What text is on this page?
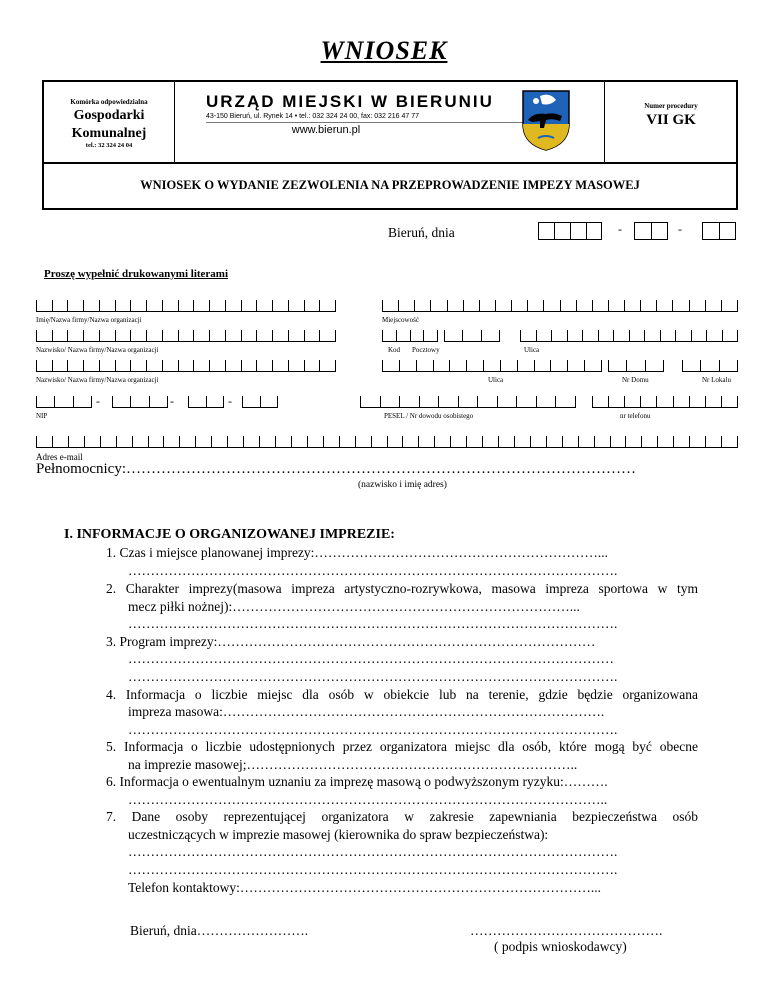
WNIOSEK
Komórka odpowiedzialna
Gospodarki
Komunalnej
tel.: 32 324 24 04
URZĄD MIEJSKI W BIERUNIU
43-150 Bieruń, ul. Rynek 14 • tel.: 032 324 24 00, fax: 032 216 47 77
www.bierun.pl
Numer procedury
VII GK
WNIOSEK O WYDANIE ZEZWOLENIA NA PRZEPROWADZENIE IMPEZY MASOWEJ
Bieruń, dnia	-	-
Proszę wypełnić drukowanymi literami
Imię/Nazwa firmy/Nazwa organizacji	Miejscowość
Nazwisko/ Nazwa firmy/Nazwa organizacji	Kod Pocztowy	Ulica
Nazwisko/ Nazwa firmy/Nazwa organizacji	Ulica	Nr Domu	Nr Lokalu
NIP	PESEL / Nr dowodu osobistego	nr telefonu
Adres e-mail
-	-	-
Pełnomocnicy:…………………………………………………………………………………………
(nazwisko i imię adres)
I. INFORMACJE O ORGANIZOWANEJ IMPREZIE:
1. Czas i miejsce planowanej imprezy:………………………………………………………...
……………………………………………………………………………………………….
2. Charakter imprezy(masowa impreza artystyczno-rozrywkowa, masowa impreza sportowa w tym
mecz piłki nożnej):…………………………………………………………………...
……………………………………………………………………………………………….
3. Program imprezy:…………………………………………………………………………
………………………………………………………………………………………………
……………………………………………………………………………………………….
4. Informacja o liczbie miejsc dla osób w obiekcie lub na terenie, gdzie będzie organizowana
impreza masowa:………………………………………………………………………….
……………………………………………………………………………………………….
5. Informacja o liczbie udostępnionych przez organizatora miejsc dla osób, które mogą być obecne
na imprezie masowej;………………………………………………………………..
6. Informacja o ewentualnym uznaniu za imprezę masową o podwyższonym ryzyku:……….
……………………………………………………………………………………………..
7. Dane osoby reprezentującej organizatora w zakresie zapewniania bezpieczeństwa osób
uczestniczących w imprezie masowej (kierownika do spraw bezpieczeństwa):
……………………………………………………………………………………………….
……………………………………………………………………………………………….
Telefon kontaktowy:……………………………………………………………………...
Bieruń, dnia…………………….	…………………………………….
( podpis wnioskodawcy)
